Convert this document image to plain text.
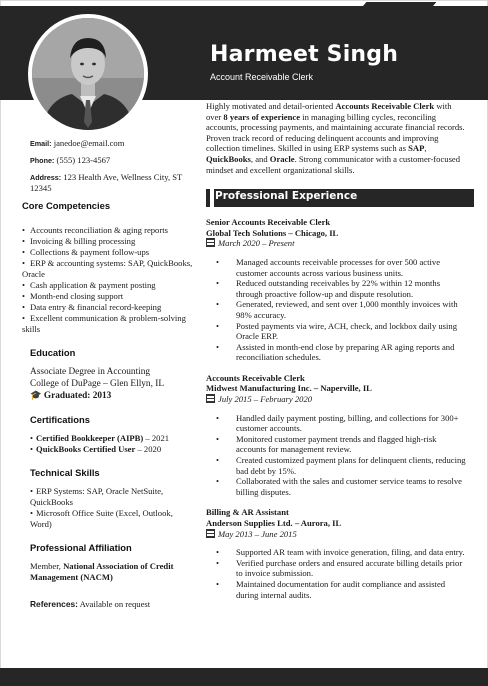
Harmeet Singh
Account Receivable Clerk
Email: janedoe@email.com
Phone: (555) 123-4567
Address: 123 Health Ave, Wellness City, ST 12345
Core Competencies
• Accounts reconciliation & aging reports
• Invoicing & billing processing
• Collections & payment follow-ups
• ERP & accounting systems: SAP, QuickBooks, Oracle
• Cash application & payment posting
• Month-end closing support
• Data entry & financial record-keeping
• Excellent communication & problem-solving skills
Education
Associate Degree in Accounting
College of DuPage – Glen Ellyn, IL
🎓 Graduated: 2013
Certifications
• Certified Bookkeeper (AIPB) – 2021
• QuickBooks Certified User – 2020
Technical Skills
• ERP Systems: SAP, Oracle NetSuite, QuickBooks
• Microsoft Office Suite (Excel, Outlook, Word)
Professional Affiliation
Member, National Association of Credit Management (NACM)
References: Available on request
Highly motivated and detail-oriented Accounts Receivable Clerk with over 8 years of experience in managing billing cycles, reconciling accounts, processing payments, and maintaining accurate financial records. Proven track record of reducing delinquent accounts and improving collection timelines. Skilled in using ERP systems such as SAP, QuickBooks, and Oracle. Strong communicator with a customer-focused mindset and excellent organizational skills.
Professional Experience
Senior Accounts Receivable Clerk
Global Tech Solutions – Chicago, IL
March 2020 – Present
• Managed accounts receivable processes for over 500 active customer accounts across various business units.
• Reduced outstanding receivables by 22% within 12 months through proactive follow-up and dispute resolution.
• Generated, reviewed, and sent over 1,000 monthly invoices with 98% accuracy.
• Posted payments via wire, ACH, check, and lockbox daily using Oracle ERP.
• Assisted in month-end close by preparing AR aging reports and reconciliation schedules.
Accounts Receivable Clerk
Midwest Manufacturing Inc. – Naperville, IL
July 2015 – February 2020
• Handled daily payment posting, billing, and collections for 300+ customer accounts.
• Monitored customer payment trends and flagged high-risk accounts for management review.
• Created customized payment plans for delinquent clients, reducing bad debt by 15%.
• Collaborated with the sales and customer service teams to resolve billing disputes.
Billing & AR Assistant
Anderson Supplies Ltd. – Aurora, IL
May 2013 – June 2015
• Supported AR team with invoice generation, filing, and data entry.
• Verified purchase orders and ensured accurate billing details prior to invoice submission.
• Maintained documentation for audit compliance and assisted during internal audits.
